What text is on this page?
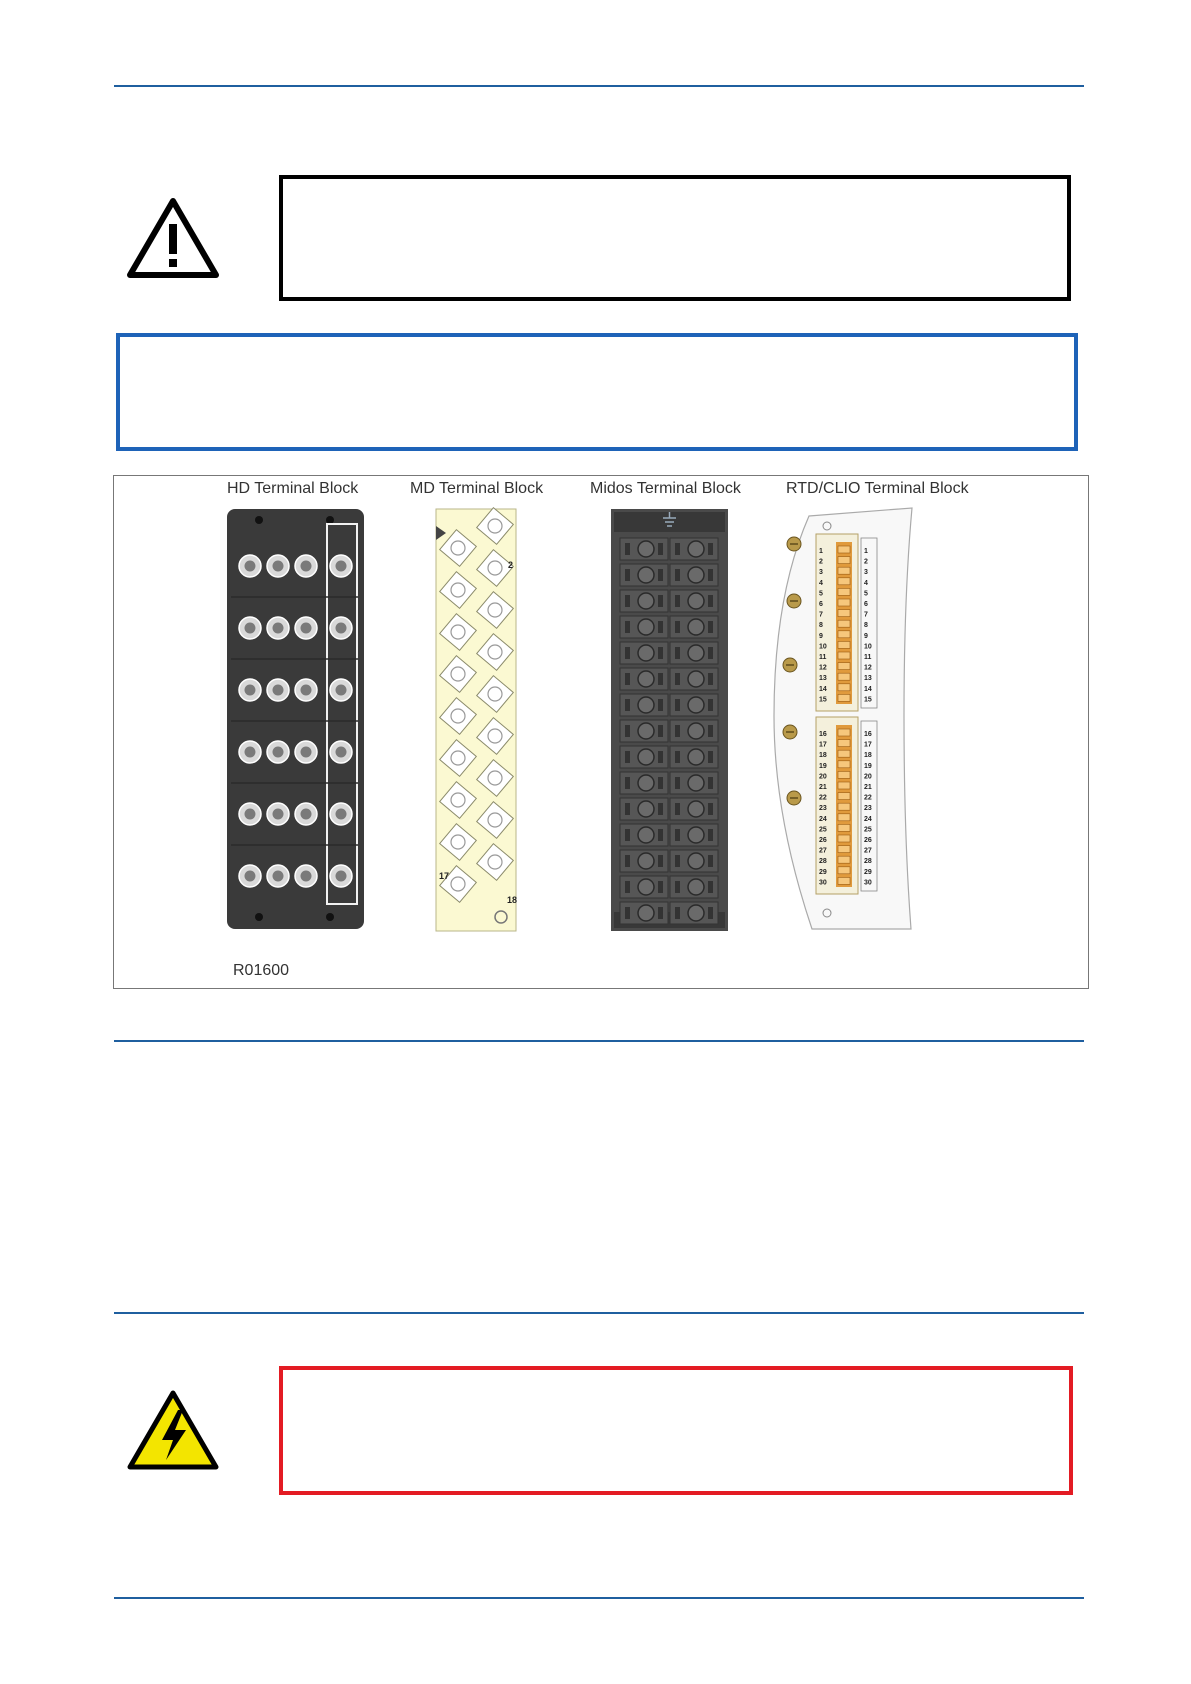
HD Terminal Block	MD Terminal Block	Midos Terminal Block	RTD/CLIO Terminal Block
2
17
18
1	1
2	2
3	3
4	4
5	5
6	6
7	7
8	8
9	9
10	10
11	11
12	12
13	13
14	14
15	15
16	16
17	17
18	18
19	19
20	20
21	21
22	22
23	23
24	24
25	25
26	26
27	27
28	28
29	29
30	30
R01600
